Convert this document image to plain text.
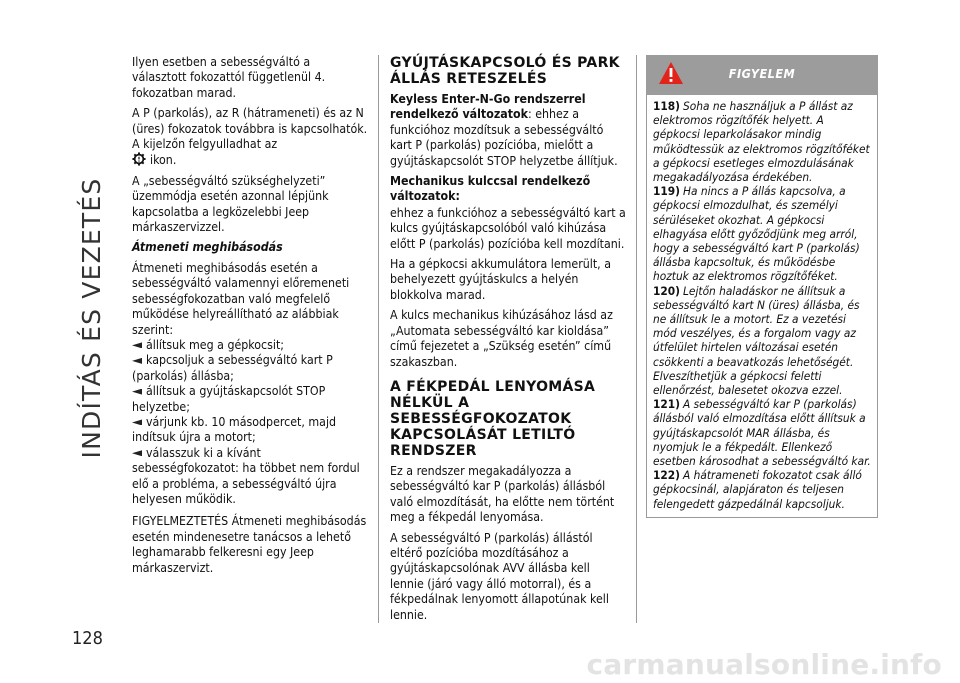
INDÍTÁS ÉS VEZETÉS
128

Ilyen esetben a sebességváltó a választott fokozattól függetlenül 4. fokozatban marad.

A P (parkolás), az R (hátrameneti) és az N (üres) fokozatok továbbra is kapcsolhatók. A kijelzőn felgyulladhat az
ikon.

A „sebességváltó szükséghelyzeti” üzemmódja esetén azonnal lépjünk kapcsolatba a legközelebbi Jeep márkaszervizzel.

Átmeneti meghibásodás

Átmeneti meghibásodás esetén a sebességváltó valamennyi előremeneti sebességfokozatban való megfelelő működése helyreállítható az alábbiak szerint:

állítsuk meg a gépkocsit;
kapcsoljuk a sebességváltó kart P (parkolás) állásba;
állítsuk a gyújtáskapcsolót STOP helyzetbe;
várjunk kb. 10 másodpercet, majd indítsuk újra a motort;
válasszuk ki a kívánt sebességfokozatot: ha többet nem fordul elő a probléma, a sebességváltó újra helyesen működik.

FIGYELMEZTETÉS Átmeneti meghibásodás esetén mindenesetre tanácsos a lehető leghamarabb felkeresni egy Jeep márkaszervizt.

GYÚJTÁSKAPCSOLÓ ÉS PARK ÁLLÁS RETESZELÉS

Keyless Enter-N-Go rendszerrel rendelkező változatok: ehhez a funkcióhoz mozdítsuk a sebességváltó kart P (parkolás) pozícióba, mielőtt a gyújtáskapcsolót STOP helyzetbe állítjuk.

Mechanikus kulccsal rendelkező változatok:

ehhez a funkcióhoz a sebességváltó kart a kulcs gyújtáskapcsolóból való kihúzása előtt P (parkolás) pozícióba kell mozdítani.

Ha a gépkocsi akkumulátora lemerült, a behelyezett gyújtáskulcs a helyén blokkolva marad.

A kulcs mechanikus kihúzásához lásd az „Automata sebességváltó kar kioldása” című fejezetet a „Szükség esetén” című szakaszban.

A FÉKPEDÁL LENYOMÁSA NÉLKÜL A SEBESSÉGFOKOZATOK KAPCSOLÁSÁT LETILTÓ RENDSZER

Ez a rendszer megakadályozza a sebességváltó kar P (parkolás) állásból való elmozdítását, ha előtte nem történt meg a fékpedál lenyomása.

A sebességváltó P (parkolás) állástól eltérő pozícióba mozdításához a gyújtáskapcsolónak AVV állásba kell lennie (járó vagy álló motorral), és a fékpedálnak lenyomott állapotúnak kell lennie.

FIGYELEM

118) Soha ne használjuk a P állást az elektromos rögzítőfék helyett. A gépkocsi leparkolásakor mindig működtessük az elektromos rögzítőféket a gépkocsi esetleges elmozdulásának megakadályozása érdekében.

119) Ha nincs a P állás kapcsolva, a gépkocsi elmozdulhat, és személyi sérüléseket okozhat. A gépkocsi elhagyása előtt győződjünk meg arról, hogy a sebességváltó kart P (parkolás) állásba kapcsoltuk, és működésbe hoztuk az elektromos rögzítőféket.

120) Lejtőn haladáskor ne állítsuk a sebességváltó kart N (üres) állásba, és ne állítsuk le a motort. Ez a vezetési mód veszélyes, és a forgalom vagy az útfelület hirtelen változásai esetén csökkenti a beavatkozás lehetőségét. Elveszíthetjük a gépkocsi feletti ellenőrzést, balesetet okozva ezzel.

121) A sebességváltó kar P (parkolás) állásból való elmozdítása előtt állítsuk a gyújtáskapcsolót MAR állásba, és nyomjuk le a fékpedált. Ellenkező esetben károsodhat a sebességváltó kar.

122) A hátrameneti fokozatot csak álló gépkocsinál, alapjáraton és teljesen felengedett gázpedálnál kapcsoljuk.

carmanualsonline.info
